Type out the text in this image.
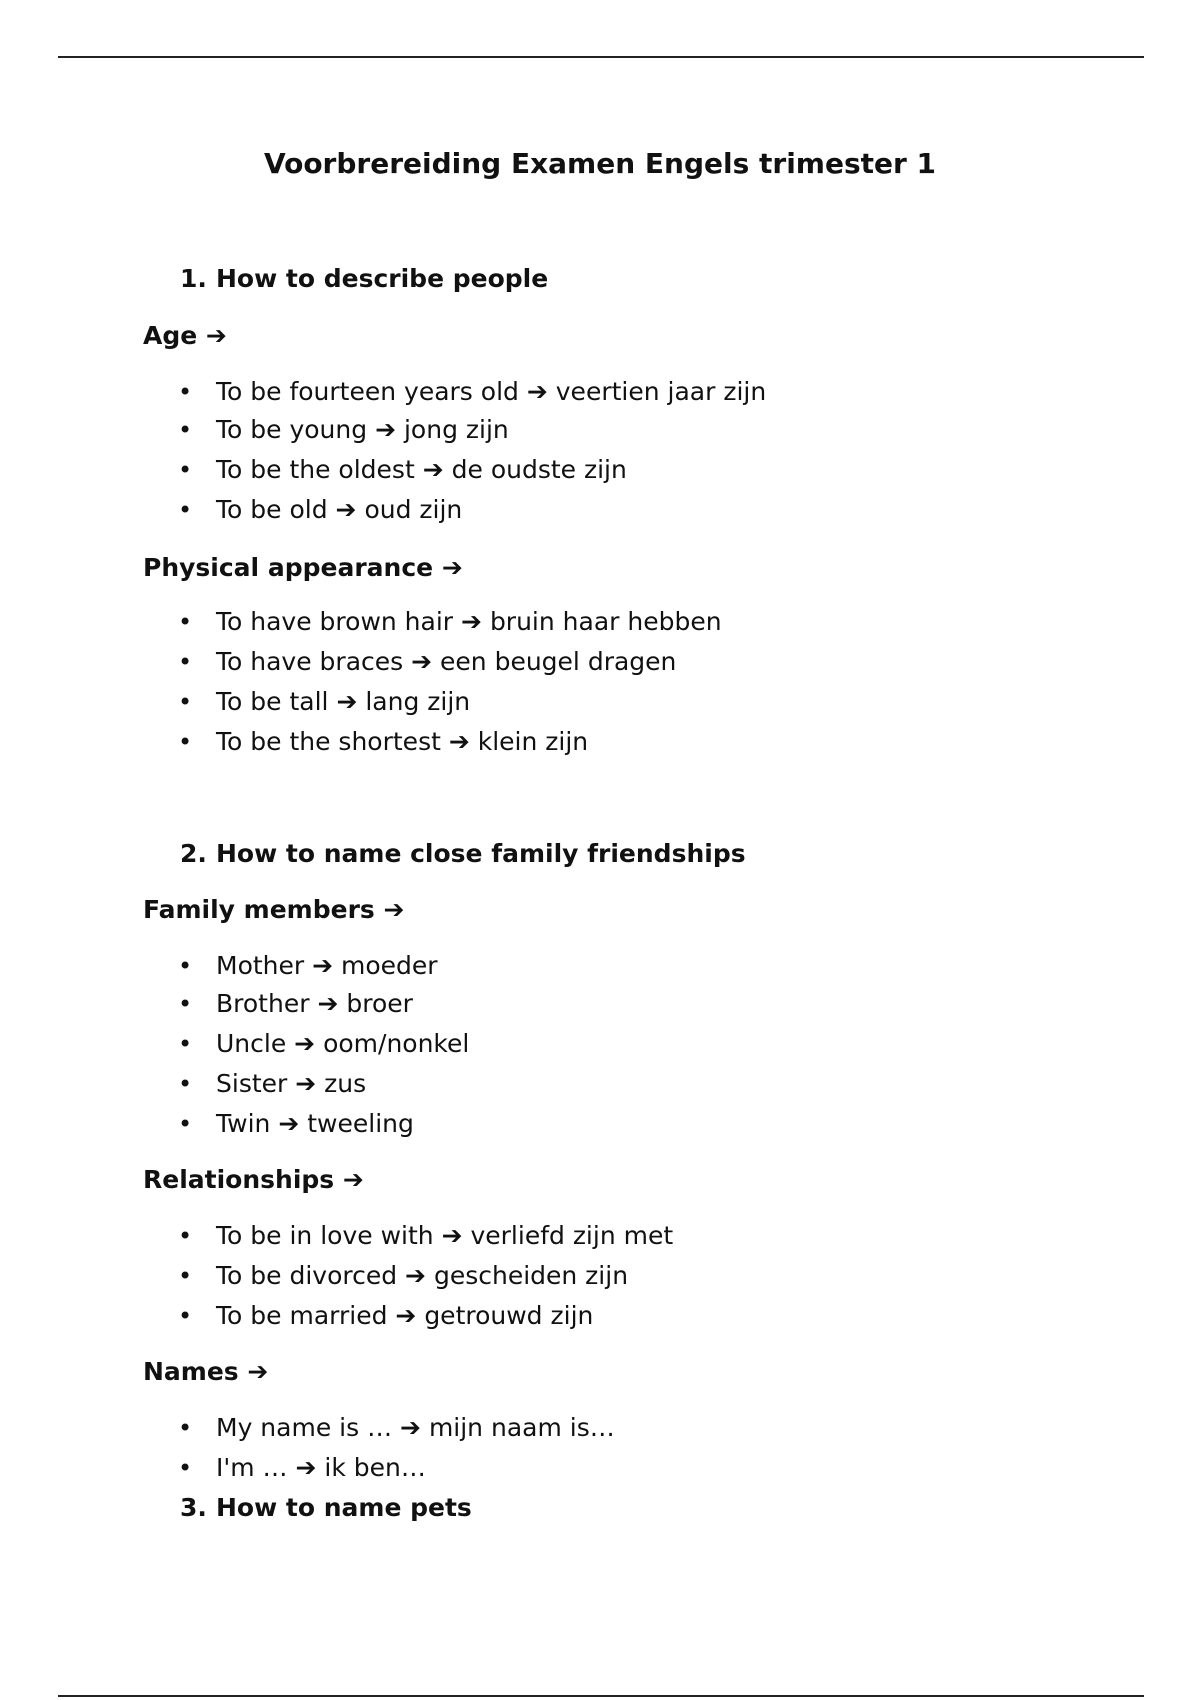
Voorbrereiding Examen Engels trimester 1
1. How to describe people
Age ➔
• To be fourteen years old ➔ veertien jaar zijn
• To be young ➔ jong zijn
• To be the oldest ➔ de oudste zijn
• To be old ➔ oud zijn
Physical appearance ➔
• To have brown hair ➔ bruin haar hebben
• To have braces ➔ een beugel dragen
• To be tall ➔ lang zijn
• To be the shortest ➔ klein zijn
2. How to name close family friendships
Family members ➔
• Mother ➔ moeder
• Brother ➔ broer
• Uncle ➔ oom/nonkel
• Sister ➔ zus
• Twin ➔ tweeling
Relationships ➔
• To be in love with ➔ verliefd zijn met
• To be divorced ➔ gescheiden zijn
• To be married ➔ getrouwd zijn
Names ➔
• My name is … ➔ mijn naam is…
• I'm … ➔ ik ben…
3. How to name pets
